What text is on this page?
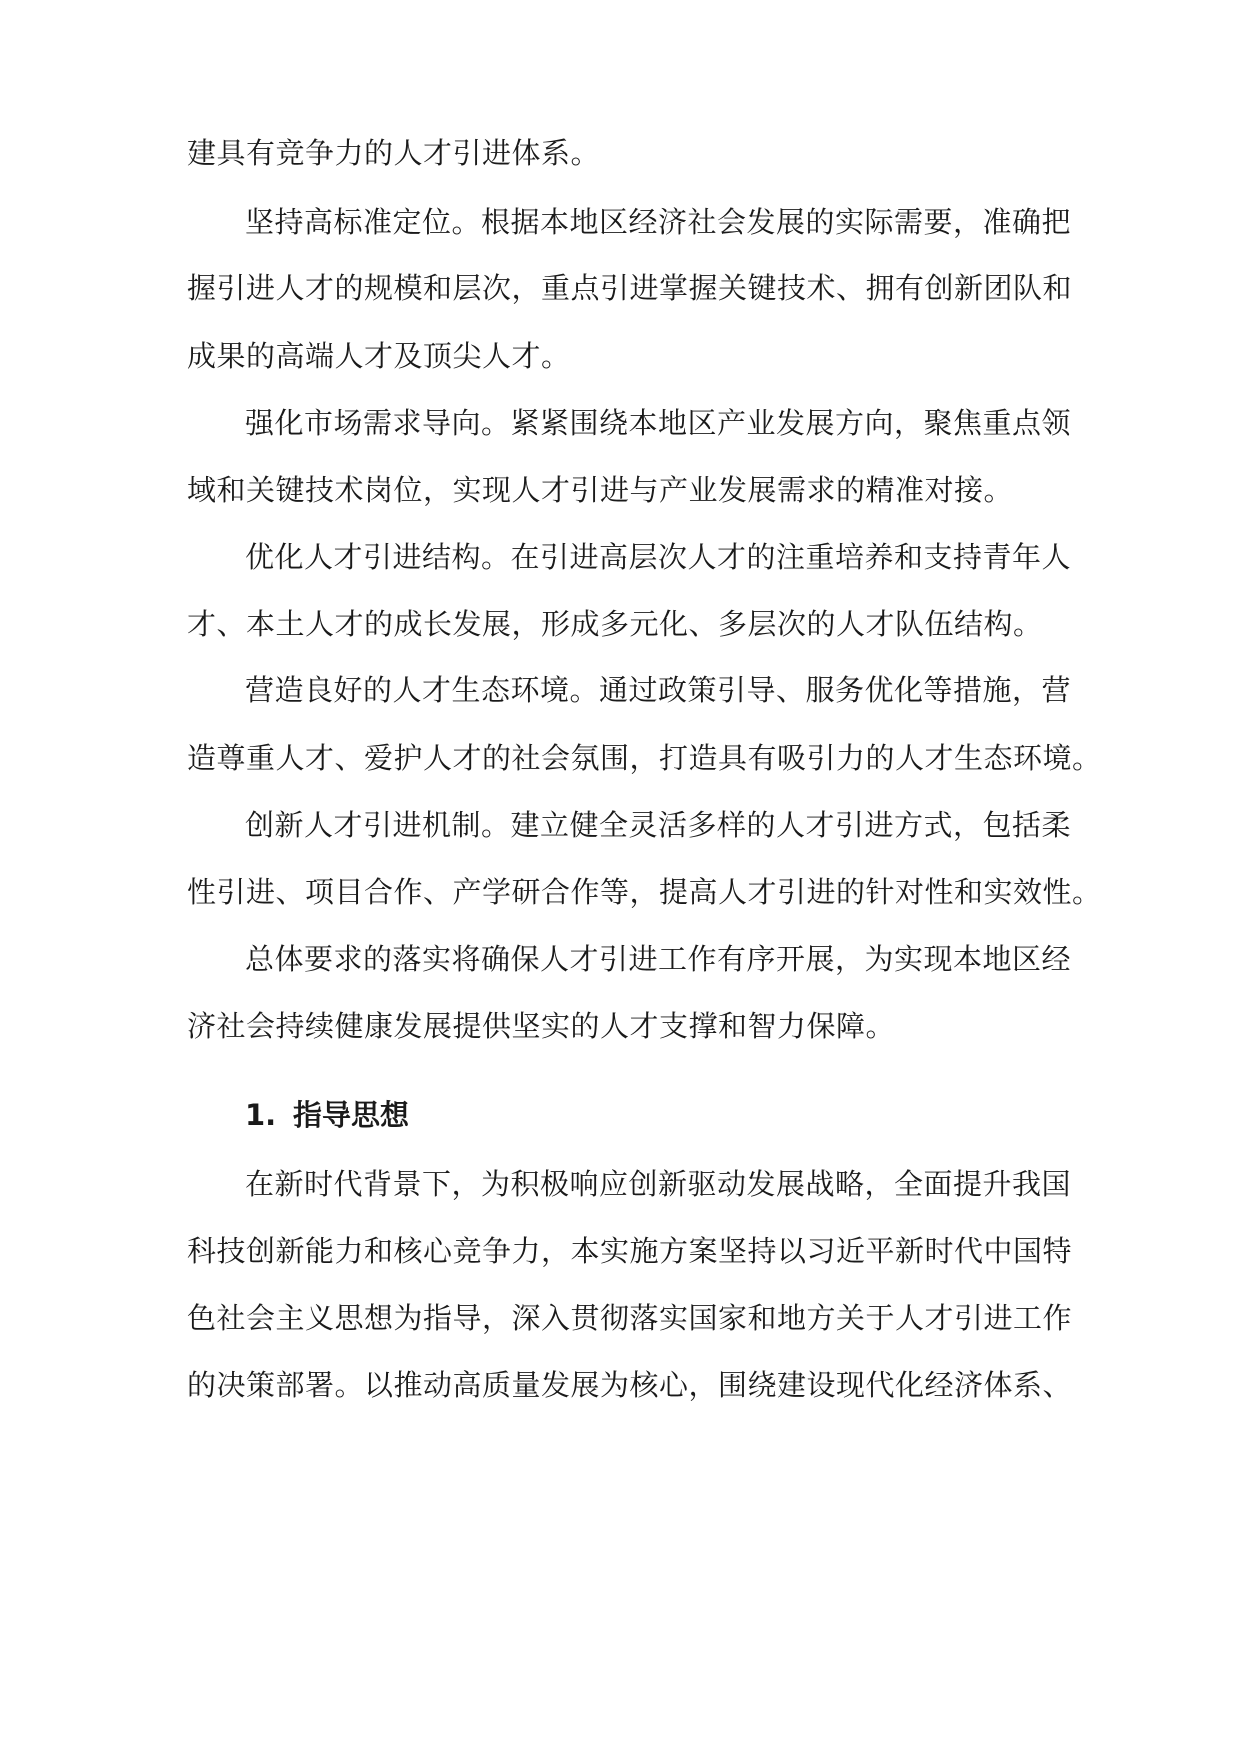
建具有竞争力的人才引进体系。
坚持高标准定位。根据本地区经济社会发展的实际需要，准确把
握引进人才的规模和层次，重点引进掌握关键技术、拥有创新团队和
成果的高端人才及顶尖人才。
强化市场需求导向。紧紧围绕本地区产业发展方向，聚焦重点领
域和关键技术岗位，实现人才引进与产业发展需求的精准对接。
优化人才引进结构。在引进高层次人才的注重培养和支持青年人
才、本土人才的成长发展，形成多元化、多层次的人才队伍结构。
营造良好的人才生态环境。通过政策引导、服务优化等措施，营
造尊重人才、爱护人才的社会氛围，打造具有吸引力的人才生态环境。
创新人才引进机制。建立健全灵活多样的人才引进方式，包括柔
性引进、项目合作、产学研合作等，提高人才引进的针对性和实效性。
总体要求的落实将确保人才引进工作有序开展，为实现本地区经
济社会持续健康发展提供坚实的人才支撑和智力保障。
1. 指导思想
在新时代背景下，为积极响应创新驱动发展战略，全面提升我国
科技创新能力和核心竞争力，本实施方案坚持以习近平新时代中国特
色社会主义思想为指导，深入贯彻落实国家和地方关于人才引进工作
的决策部署。以推动高质量发展为核心，围绕建设现代化经济体系、
